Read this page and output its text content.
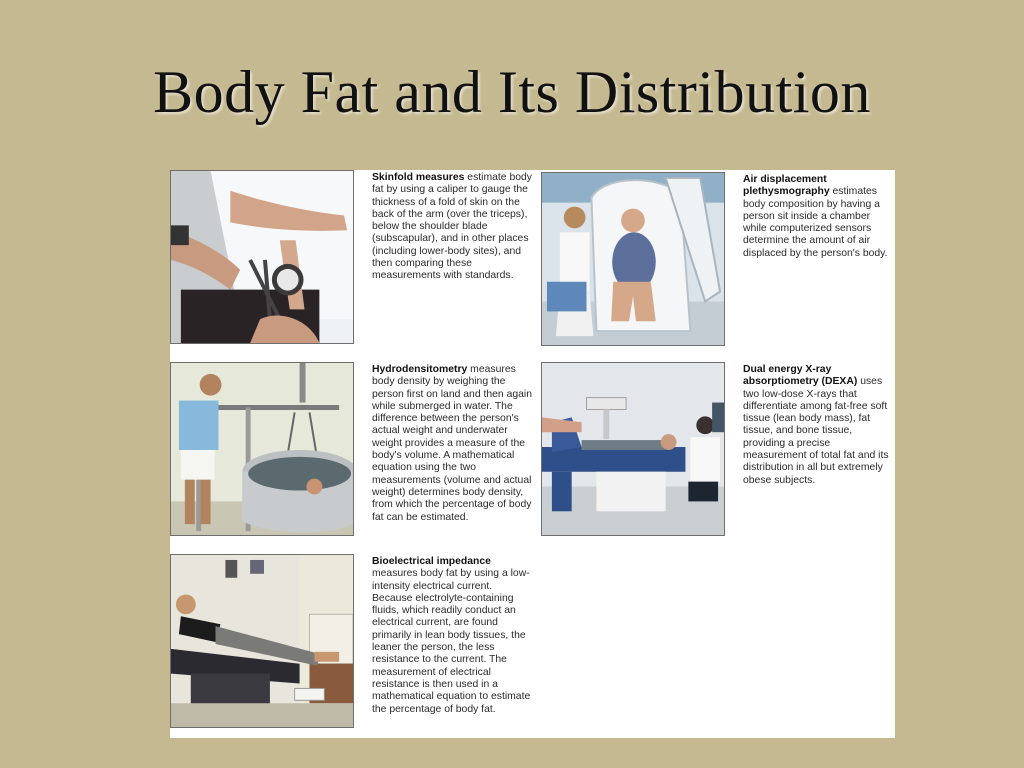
Body Fat and Its Distribution

Skinfold measures estimate body fat by using a caliper to gauge the thickness of a fold of skin on the back of the arm (over the triceps), below the shoulder blade (subscapular), and in other places (including lower-body sites), and then comparing these measurements with standards.

Air displacement plethysmography estimates body composition by having a person sit inside a chamber while computerized sensors determine the amount of air displaced by the person's body.

Hydrodensitometry measures body density by weighing the person first on land and then again while submerged in water. The difference between the person's actual weight and underwater weight provides a measure of the body's volume. A mathematical equation using the two measurements (volume and actual weight) determines body density, from which the percentage of body fat can be estimated.

Dual energy X-ray absorptiometry (DEXA) uses two low-dose X-rays that differentiate among fat-free soft tissue (lean body mass), fat tissue, and bone tissue, providing a precise measurement of total fat and its distribution in all but extremely obese subjects.

Bioelectrical impedance measures body fat by using a low-intensity electrical current. Because electrolyte-containing fluids, which readily conduct an electrical current, are found primarily in lean body tissues, the leaner the person, the less resistance to the current. The measurement of electrical resistance is then used in a mathematical equation to estimate the percentage of body fat.
